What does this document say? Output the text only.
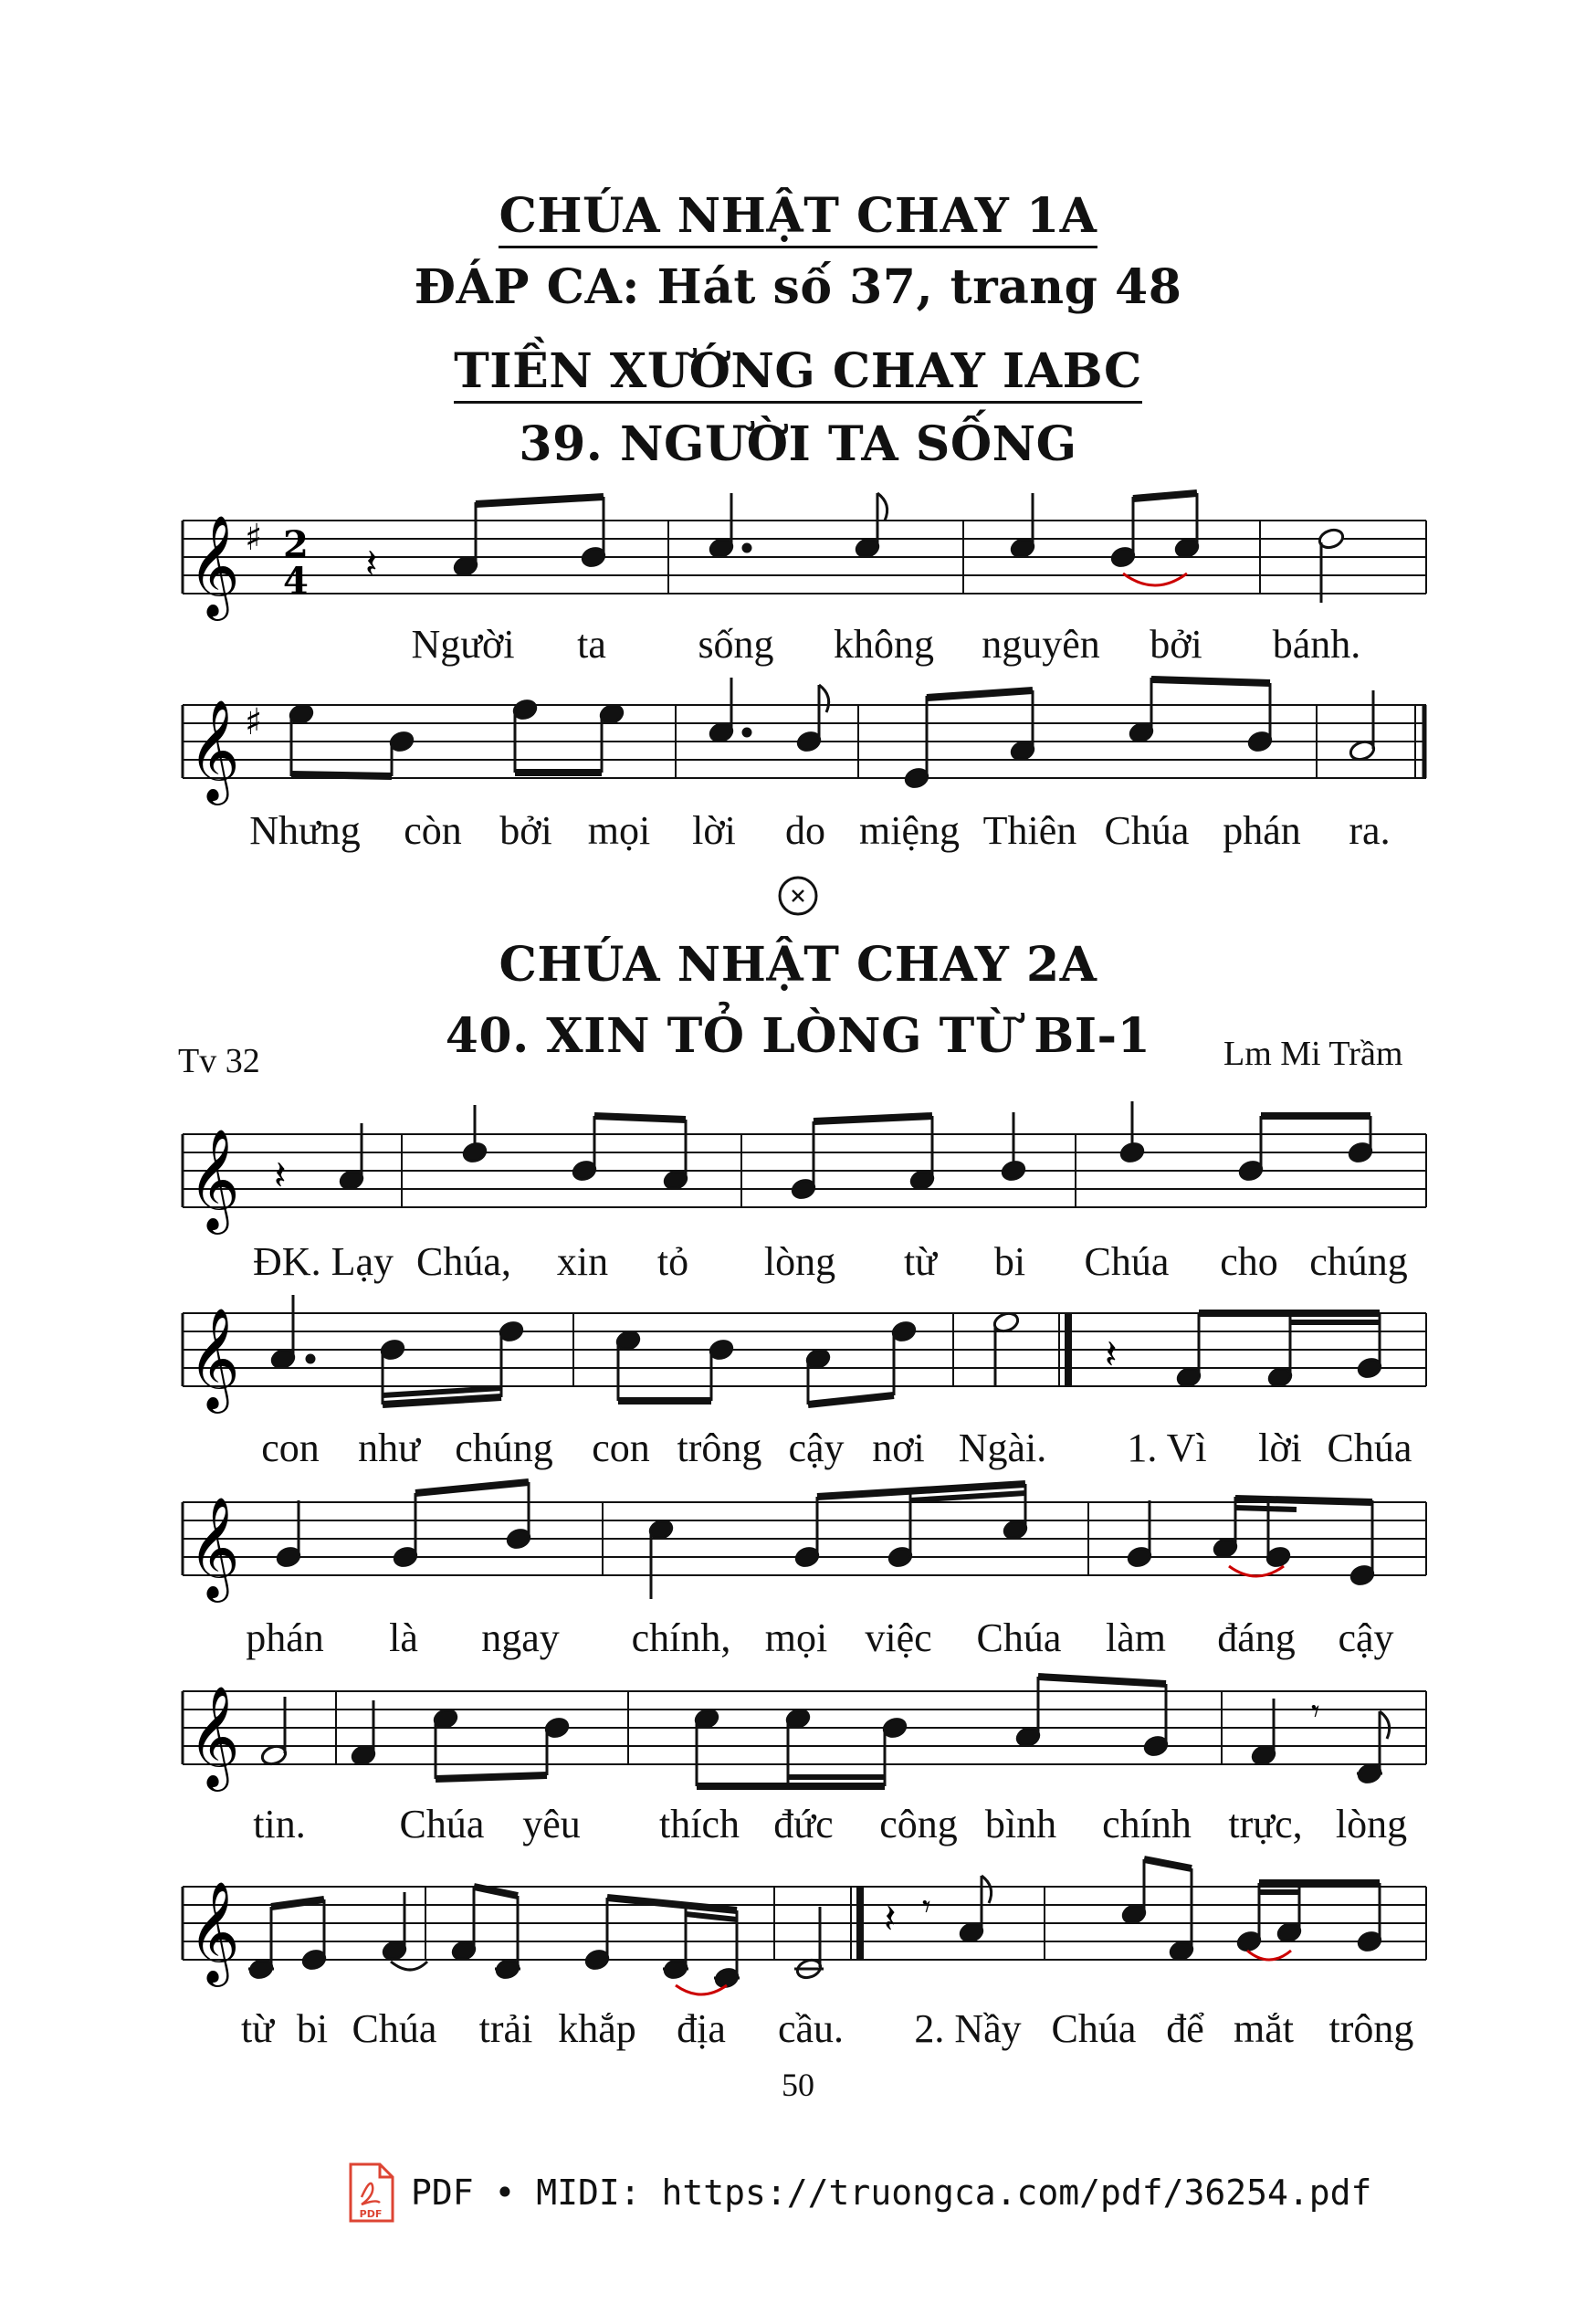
CHÚA NHẬT CHAY 1A
ĐÁP CA: Hát số 37, trang 48
TIỀN XƯỚNG CHAY IABC
39. NGƯỜI TA SỐNG
𝄞 ♯ 2
4 𝄽
Người ta sống không nguyên bởi bánh.
𝄞 ♯
Nhưng còn bởi mọi lời do miệng Thiên Chúa phán ra.
CHÚA NHẬT CHAY 2A
40. XIN TỎ LÒNG TỪ BI-1
Tv 32	Lm Mi Trầm
𝄞 𝄽
ĐK. Lạy Chúa, xin tỏ lòng từ bi Chúa cho chúng
𝄞	𝄽
con như chúng con trông cậy nơi Ngài. 1. Vì lời Chúa
𝄞
phán là ngay chính, mọi việc Chúa làm đáng cậy
𝄞	𝄾
tin. Chúa yêu thích đức công bình chính trực, lòng
𝄞	𝄽 𝄾
từ bi Chúa trải khắp địa cầu. 2. Nầy Chúa để mắt trông
50
PDF
PDF • MIDI: https://truongca.com/pdf/36254.pdf
